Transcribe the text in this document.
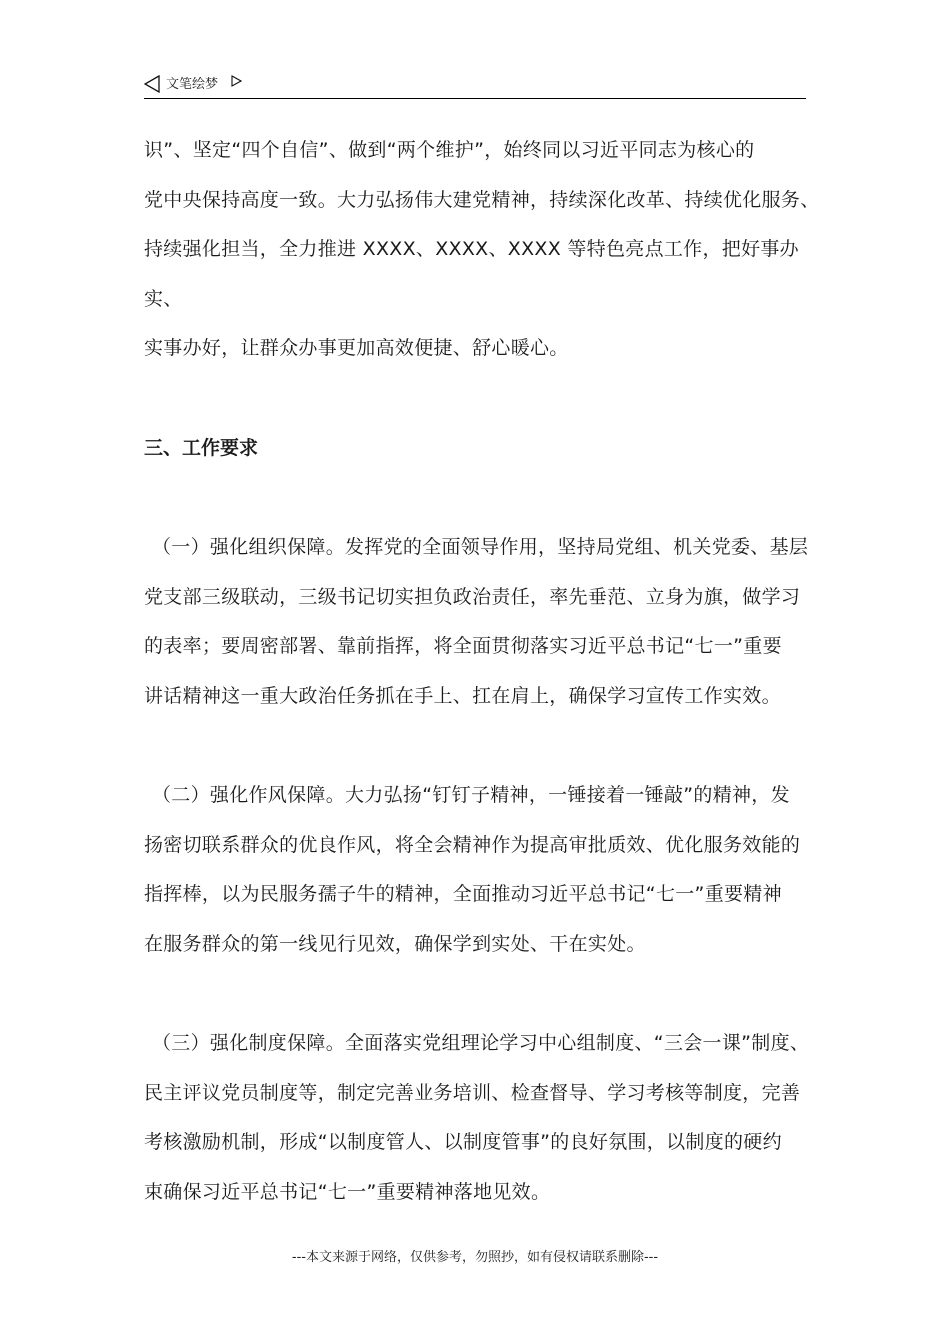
文笔绘梦

识”、坚定“四个自信”、做到“两个维护”，始终同以习近平同志为核心的

党中央保持高度一致。大力弘扬伟大建党精神，持续深化改革、持续优化服务、

持续强化担当，全力推进 XXXX、XXXX、XXXX 等特色亮点工作，把好事办实、

实事办好，让群众办事更加高效便捷、舒心暖心。

三、工作要求

（一）强化组织保障。发挥党的全面领导作用，坚持局党组、机关党委、基层

党支部三级联动，三级书记切实担负政治责任，率先垂范、立身为旗，做学习

的表率；要周密部署、靠前指挥，将全面贯彻落实习近平总书记“七一”重要

讲话精神这一重大政治任务抓在手上、扛在肩上，确保学习宣传工作实效。

（二）强化作风保障。大力弘扬“钉钉子精神，一锤接着一锤敲”的精神，发

扬密切联系群众的优良作风，将全会精神作为提高审批质效、优化服务效能的

指挥棒，以为民服务孺子牛的精神，全面推动习近平总书记“七一”重要精神

在服务群众的第一线见行见效，确保学到实处、干在实处。

（三）强化制度保障。全面落实党组理论学习中心组制度、“三会一课”制度、

民主评议党员制度等，制定完善业务培训、检查督导、学习考核等制度，完善

考核激励机制，形成“以制度管人、以制度管事”的良好氛围，以制度的硬约

束确保习近平总书记“七一”重要精神落地见效。

---本文来源于网络，仅供参考，勿照抄，如有侵权请联系删除---
